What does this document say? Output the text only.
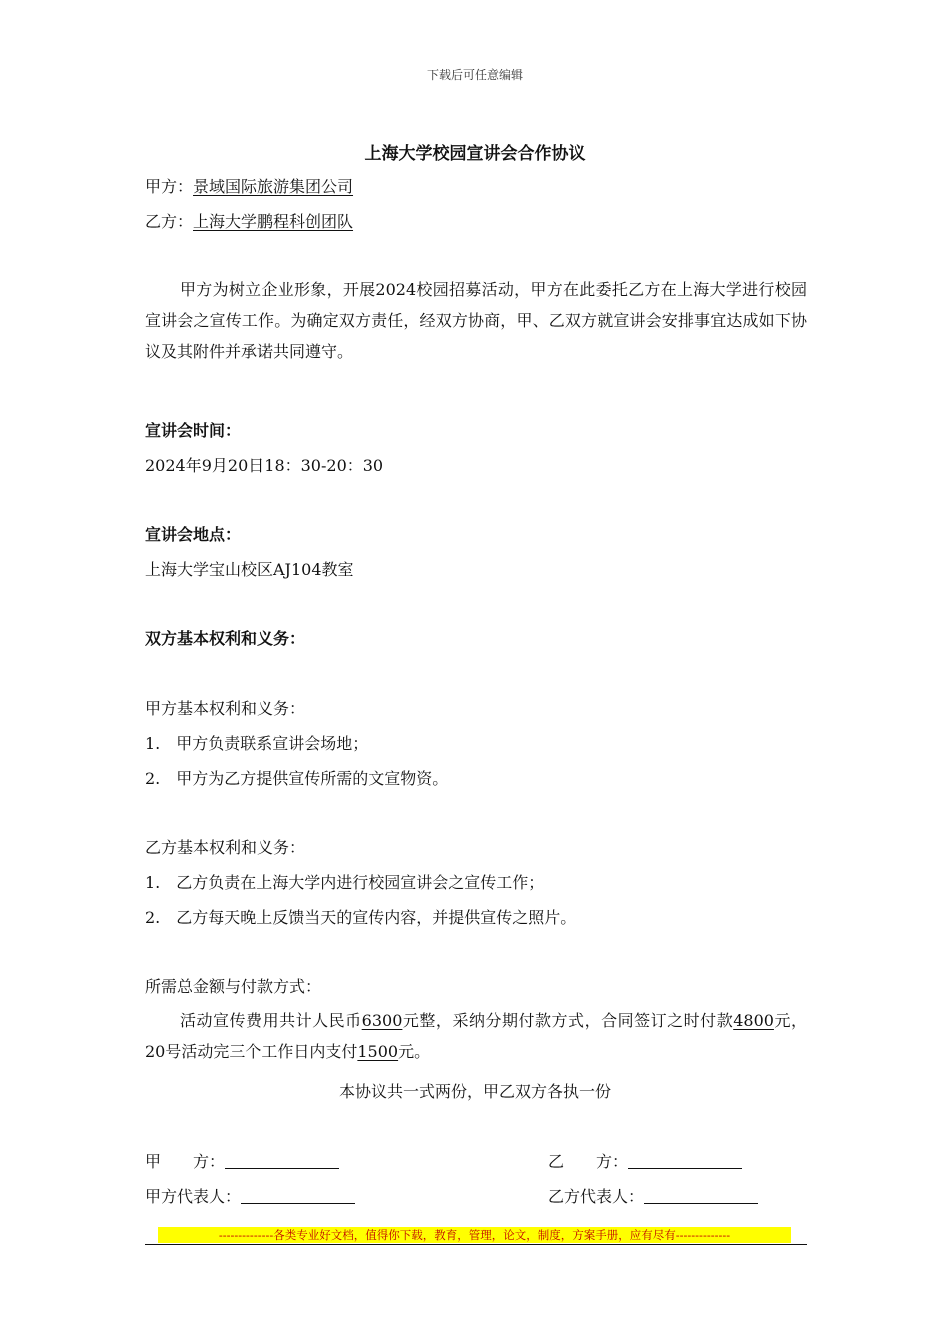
下载后可任意编辑
上海大学校园宣讲会合作协议
甲方：景域国际旅游集团公司
乙方：上海大学鹏程科创团队
甲方为树立企业形象，开展2024校园招募活动，甲方在此委托乙方在上海大学进行校园宣讲会之宣传工作。为确定双方责任，经双方协商，甲、乙双方就宣讲会安排事宜达成如下协议及其附件并承诺共同遵守。
宣讲会时间：
2024年9月20日18：30-20：30
宣讲会地点：
上海大学宝山校区AJ104教室
双方基本权利和义务：
甲方基本权利和义务：
1.　甲方负责联系宣讲会场地；
2.　甲方为乙方提供宣传所需的文宣物资。
乙方基本权利和义务：
1.　乙方负责在上海大学内进行校园宣讲会之宣传工作；
2.　乙方每天晚上反馈当天的宣传内容，并提供宣传之照片。
所需总金额与付款方式：
活动宣传费用共计人民币6300元整，采纳分期付款方式，合同签订之时付款4800元，20号活动完三个工作日内支付1500元。
本协议共一式两份，甲乙双方各执一份
甲　　方：	乙　　方：
甲方代表人：	乙方代表人：
--------------各类专业好文档，值得你下载，教育，管理，论文，制度，方案手册，应有尽有--------------
